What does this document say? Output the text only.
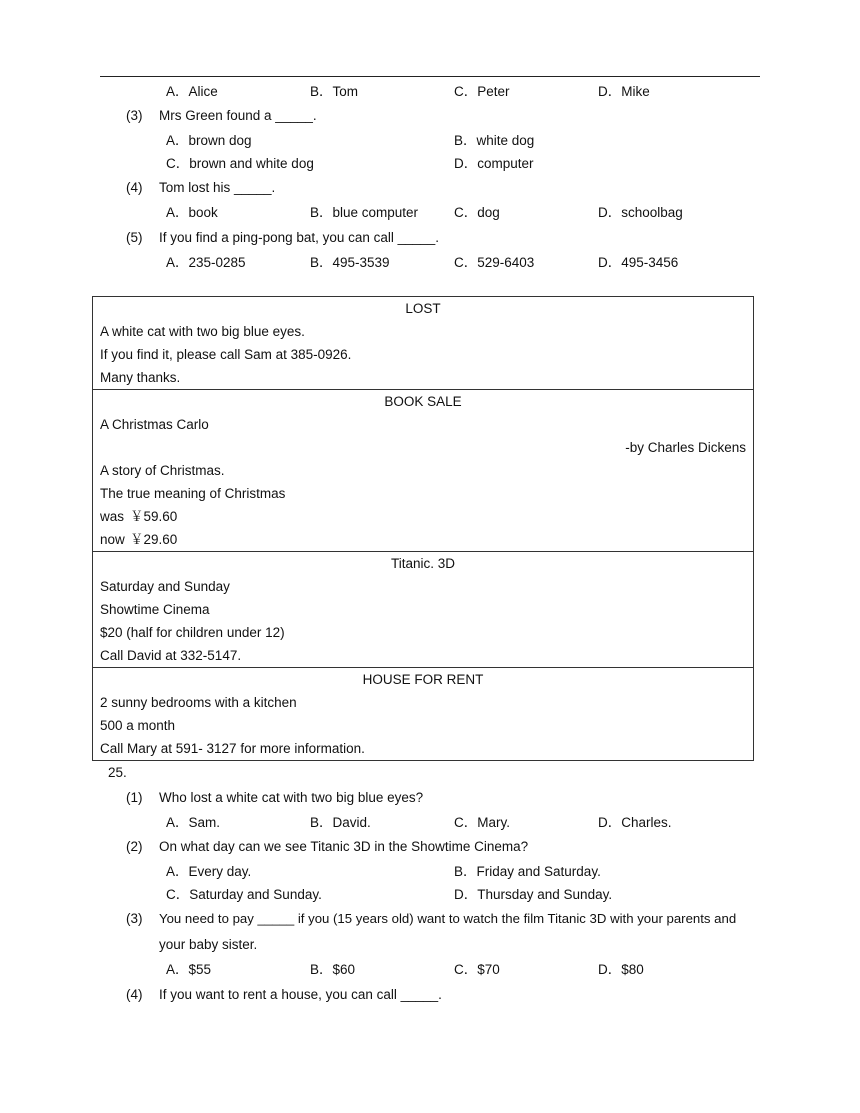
A．Alice	B．Tom	C．Peter	D．Mike
(3) Mrs Green found a _____.
A．brown dog	B．white dog
C．brown and white dog	D．computer
(4) Tom lost his _____.
A．book	B．blue computer	C．dog	D．schoolbag
(5) If you find a ping-pong bat, you can call _____.
A．235-0285	B．495-3539	C．529-6403	D．495-3456
LOST
A white cat with two big blue eyes.
If you find it, please call Sam at 385-0926.
Many thanks.
BOOK SALE
A Christmas Carlo
-by Charles Dickens
A story of Christmas.
The true meaning of Christmas
was ￥59.60
now ￥29.60
Titanic. 3D
Saturday and Sunday
Showtime Cinema
$20 (half for children under 12)
Call David at 332-5147.
HOUSE FOR RENT
2 sunny bedrooms with a kitchen
500 a month
Call Mary at 591- 3127 for more information.
25.
(1) Who lost a white cat with two big blue eyes?
A．Sam.	B．David.	C．Mary.	D．Charles.
(2) On what day can we see Titanic 3D in the Showtime Cinema?
A．Every day.	B．Friday and Saturday.
C．Saturday and Sunday.	D．Thursday and Sunday.
(3) You need to pay _____ if you (15 years old) want to watch the film Titanic 3D with your parents and
your baby sister.
A．$55	B．$60	C．$70	D．$80
(4) If you want to rent a house, you can call _____.
